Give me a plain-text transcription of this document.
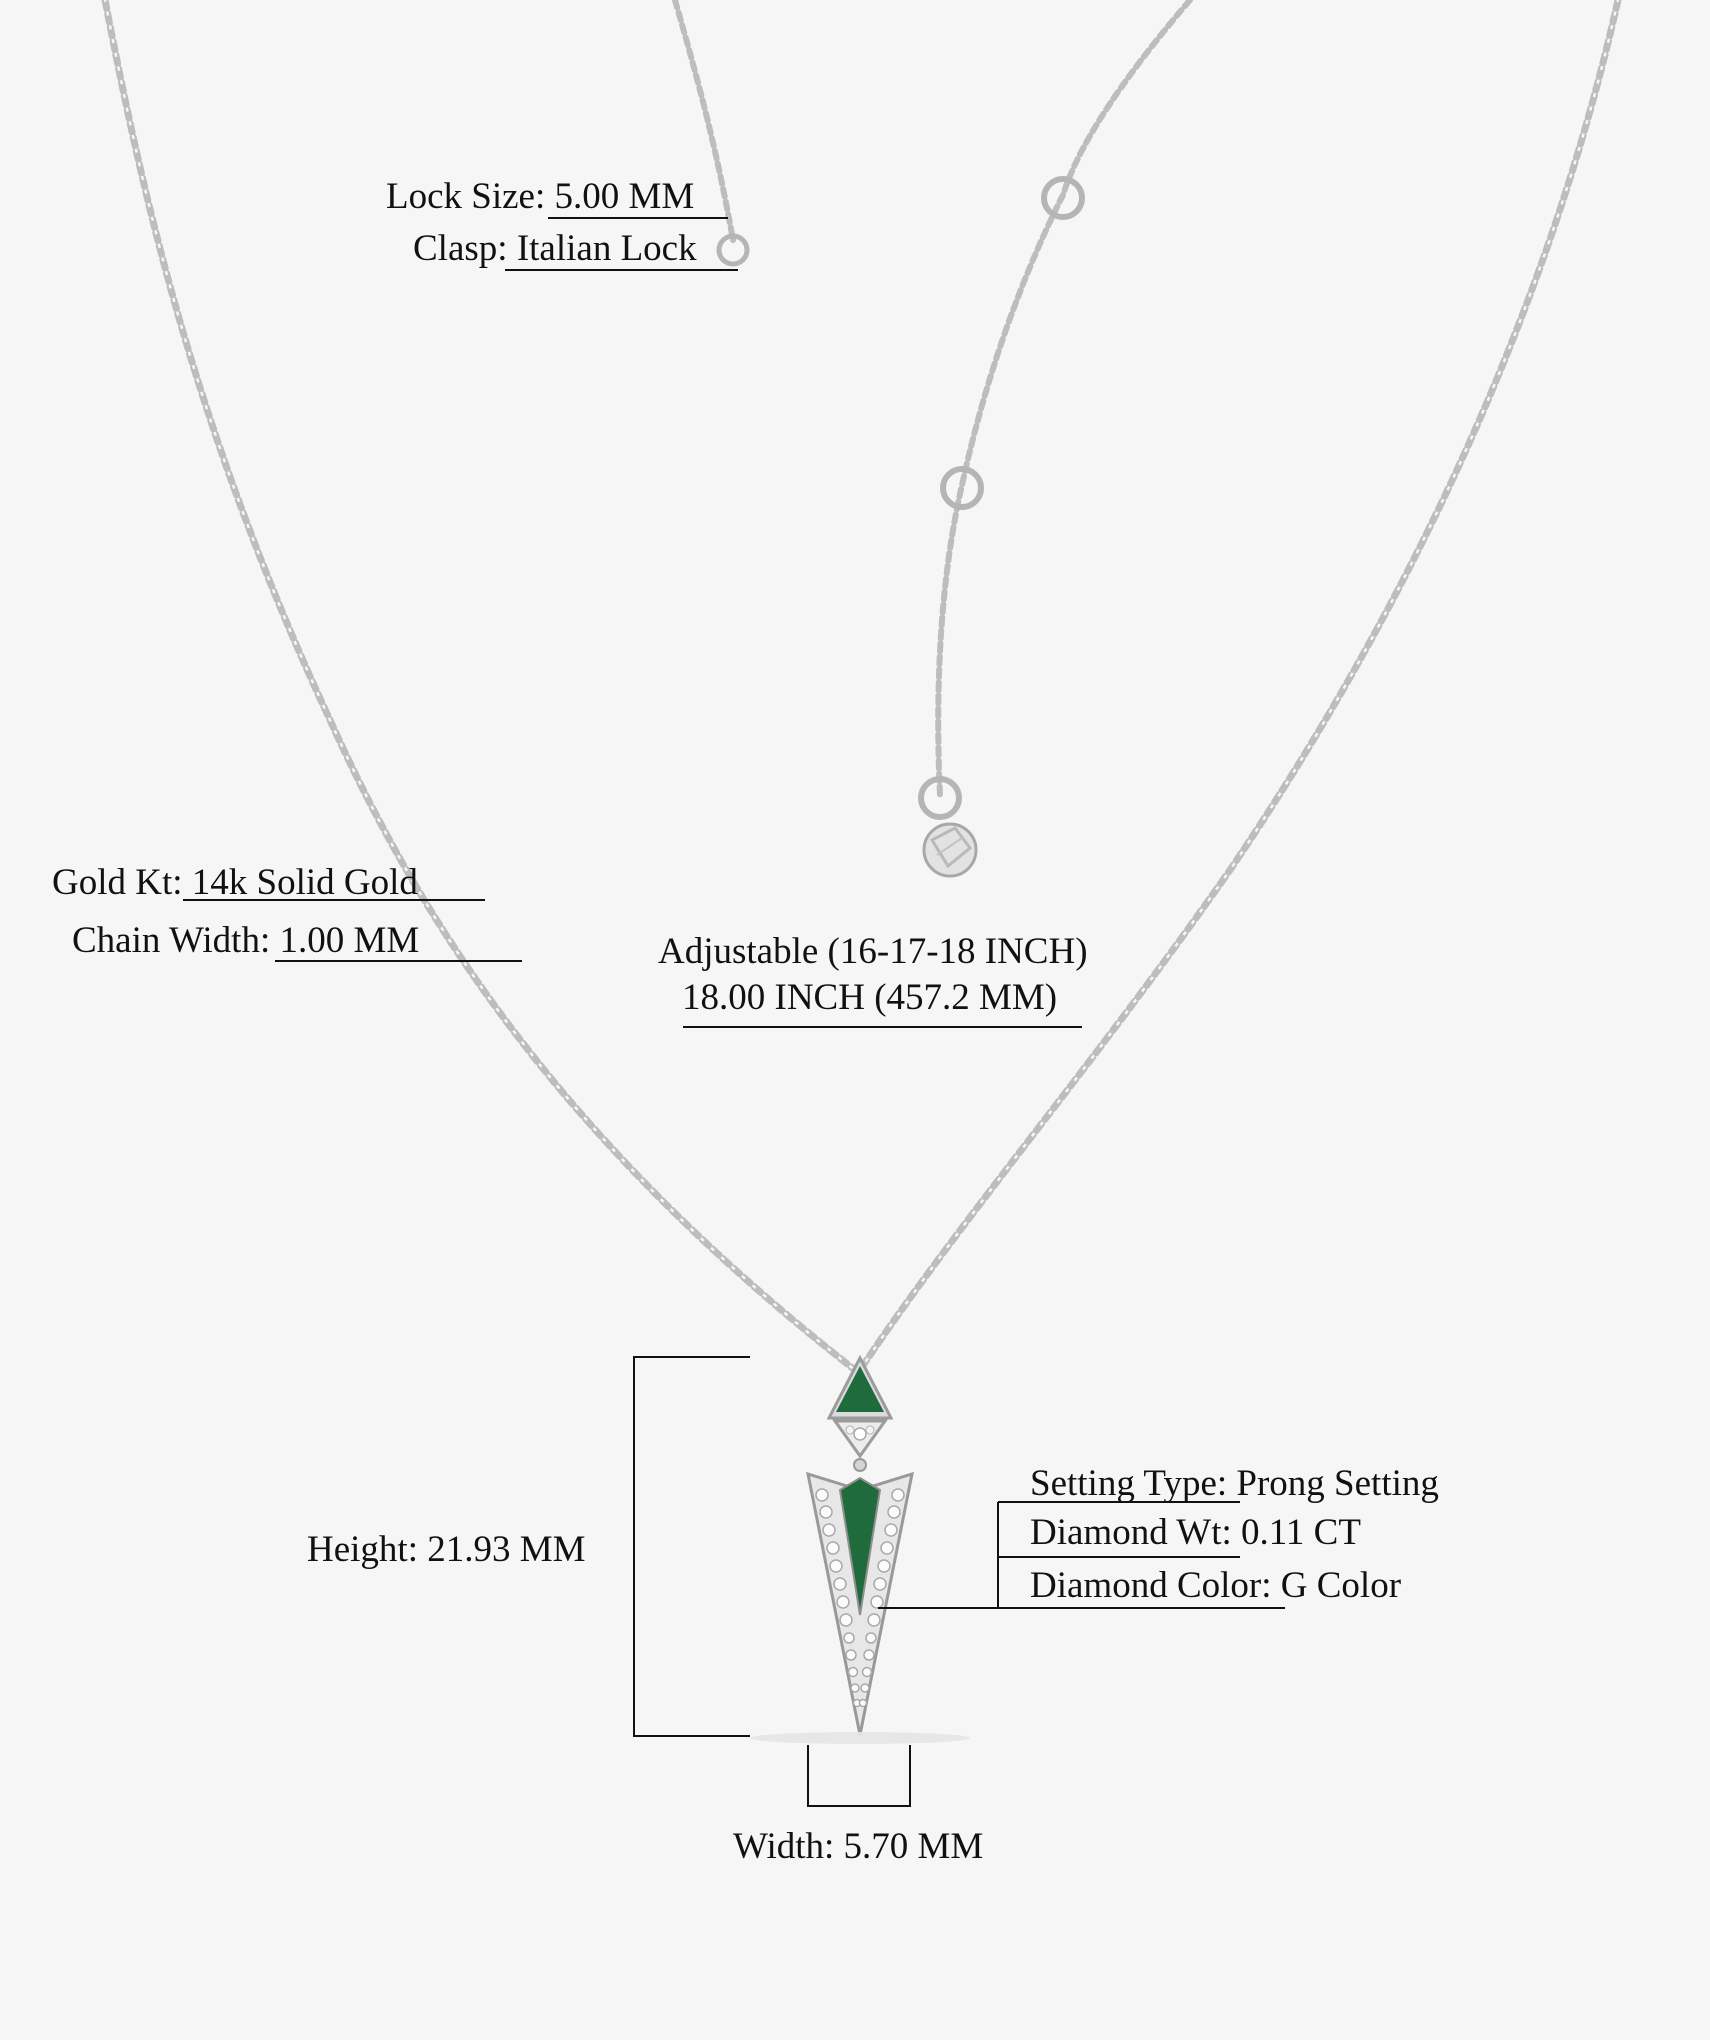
Lock Size: 5.00 MM
Clasp: Italian Lock
Gold Kt: 14k Solid Gold
Chain Width: 1.00 MM	Adjustable (16-17-18 INCH)
18.00 INCH (457.2 MM)
Setting Type: Prong Setting
Diamond Wt: 0.11 CT
Diamond Color: G Color
Height: 21.93 MM
Width: 5.70 MM
